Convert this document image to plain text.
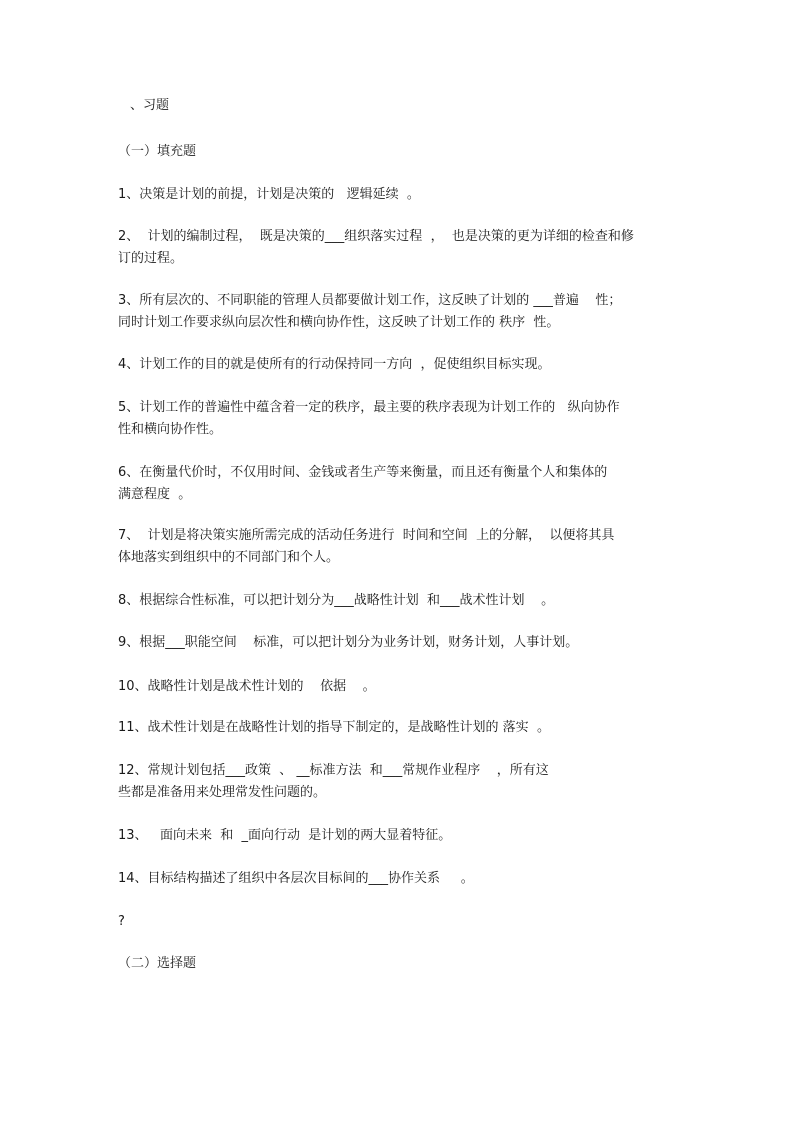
、习题
（一）填充题
1、决策是计划的前提，计划是决策的   逻辑延续  。
2、  计划的编制过程，  既是决策的___组织落实过程  ，  也是决策的更为详细的检查和修
订的过程。
3、所有层次的、不同职能的管理人员都要做计划工作，这反映了计划的 ___普遍    性；
同时计划工作要求纵向层次性和横向协作性，这反映了计划工作的 秩序  性。
4、计划工作的目的就是使所有的行动保持同一方向  ，促使组织目标实现。
5、计划工作的普遍性中蕴含着一定的秩序，最主要的秩序表现为计划工作的   纵向协作
性和横向协作性。
6、在衡量代价时，不仅用时间、金钱或者生产等来衡量，而且还有衡量个人和集体的
满意程度  。
7、  计划是将决策实施所需完成的活动任务进行  时间和空间  上的分解，  以便将其具
体地落实到组织中的不同部门和个人。
8、根据综合性标准，可以把计划分为___战略性计划  和___战术性计划    。
9、根据___职能空间    标准，可以把计划分为业务计划，财务计划，人事计划。
10、战略性计划是战术性计划的    依据    。
11、战术性计划是在战略性计划的指导下制定的，是战略性计划的 落实  。
12、常规计划包括___政策  、 __标准方法  和___常规作业程序    ，所有这
些都是准备用来处理常发性问题的。
13、   面向未来  和  _面向行动  是计划的两大显着特征。
14、目标结构描述了组织中各层次目标间的___协作关系     。
?
（二）选择题
